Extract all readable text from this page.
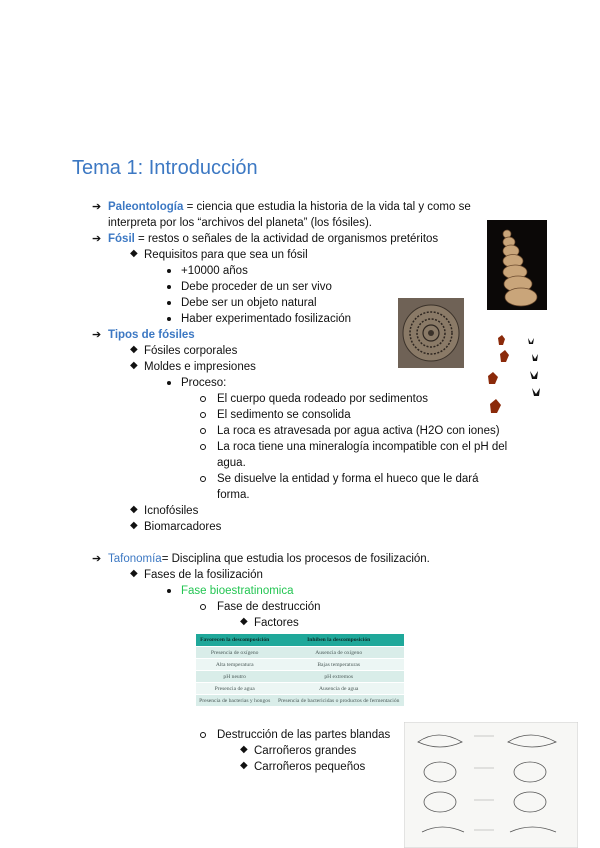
Tema 1: Introducción
➔ Paleontología = ciencia que estudia la historia de la vida tal y como se
interpreta por los “archivos del planeta” (los fósiles).
➔ Fósil = restos o señales de la actividad de organismos pretéritos
◆ Requisitos para que sea un fósil
+10000 años
Debe proceder de un ser vivo
Debe ser un objeto natural
Haber experimentado fosilización
➔ Tipos de fósiles
◆ Fósiles corporales
◆ Moldes e impresiones
Proceso:
El cuerpo queda rodeado por sedimentos
El sedimento se consolida
La roca es atravesada por agua activa (H2O con iones)
La roca tiene una mineralogía incompatible con el pH del
agua.
Se disuelve la entidad y forma el hueco que le dará
forma.
◆ Icnofósiles
◆ Biomarcadores
➔ Tafonomía= Disciplina que estudia los procesos de fosilización.
◆ Fases de la fosilización
Fase bioestratinomica
Fase de destrucción
◆ Factores
Favorecen la descomposición	Inhiben la descomposición
Presencia de oxígeno	Ausencia de oxígeno
Alta temperatura	Bajas temperaturas
pH neutro	pH extremos
Presencia de agua	Ausencia de agua
Presencia de bacterias y hongos	Presencia de bactericidas o productos de fermentación
Destrucción de las partes blandas
◆ Carroñeros grandes
◆ Carroñeros pequeños
